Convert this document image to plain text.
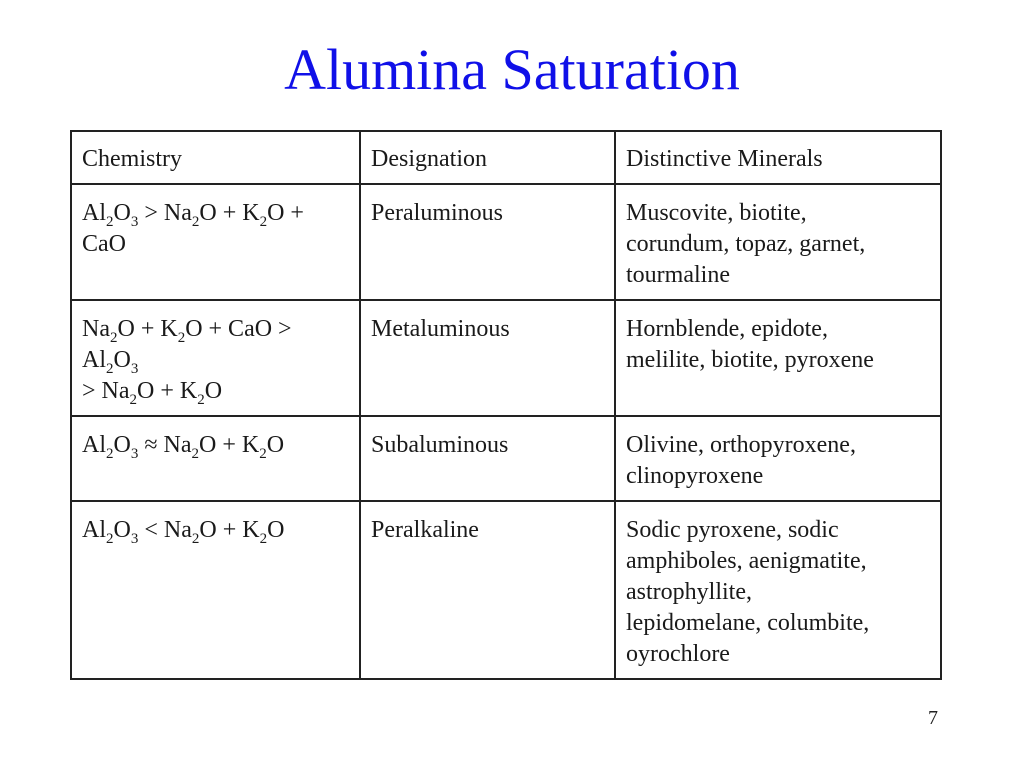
Alumina Saturation
Chemistry	Designation	Distinctive Minerals

$Al_2O_3 > Na_2O + K_2O$ +
CaO	Peraluminous	Muscovite, biotite,
corundum, topaz, garnet,
tourmaline

$Na_2O + K_2O$ + CaO >
$Al_2O_3$
> $Na_2O + K_2O$	Metaluminous	Hornblende, epidote,
melilite, biotite, pyroxene

$Al_2O_3 \approx Na_2O + K_2O$	Subaluminous	Olivine, orthopyroxene,
clinopyroxene

$Al_2O_3 < Na_2O + K_2O$	Peralkaline	Sodic pyroxene, sodic
amphiboles, aenigmatite,
astrophyllite,
lepidomelane, columbite,
oyrochlore
7
